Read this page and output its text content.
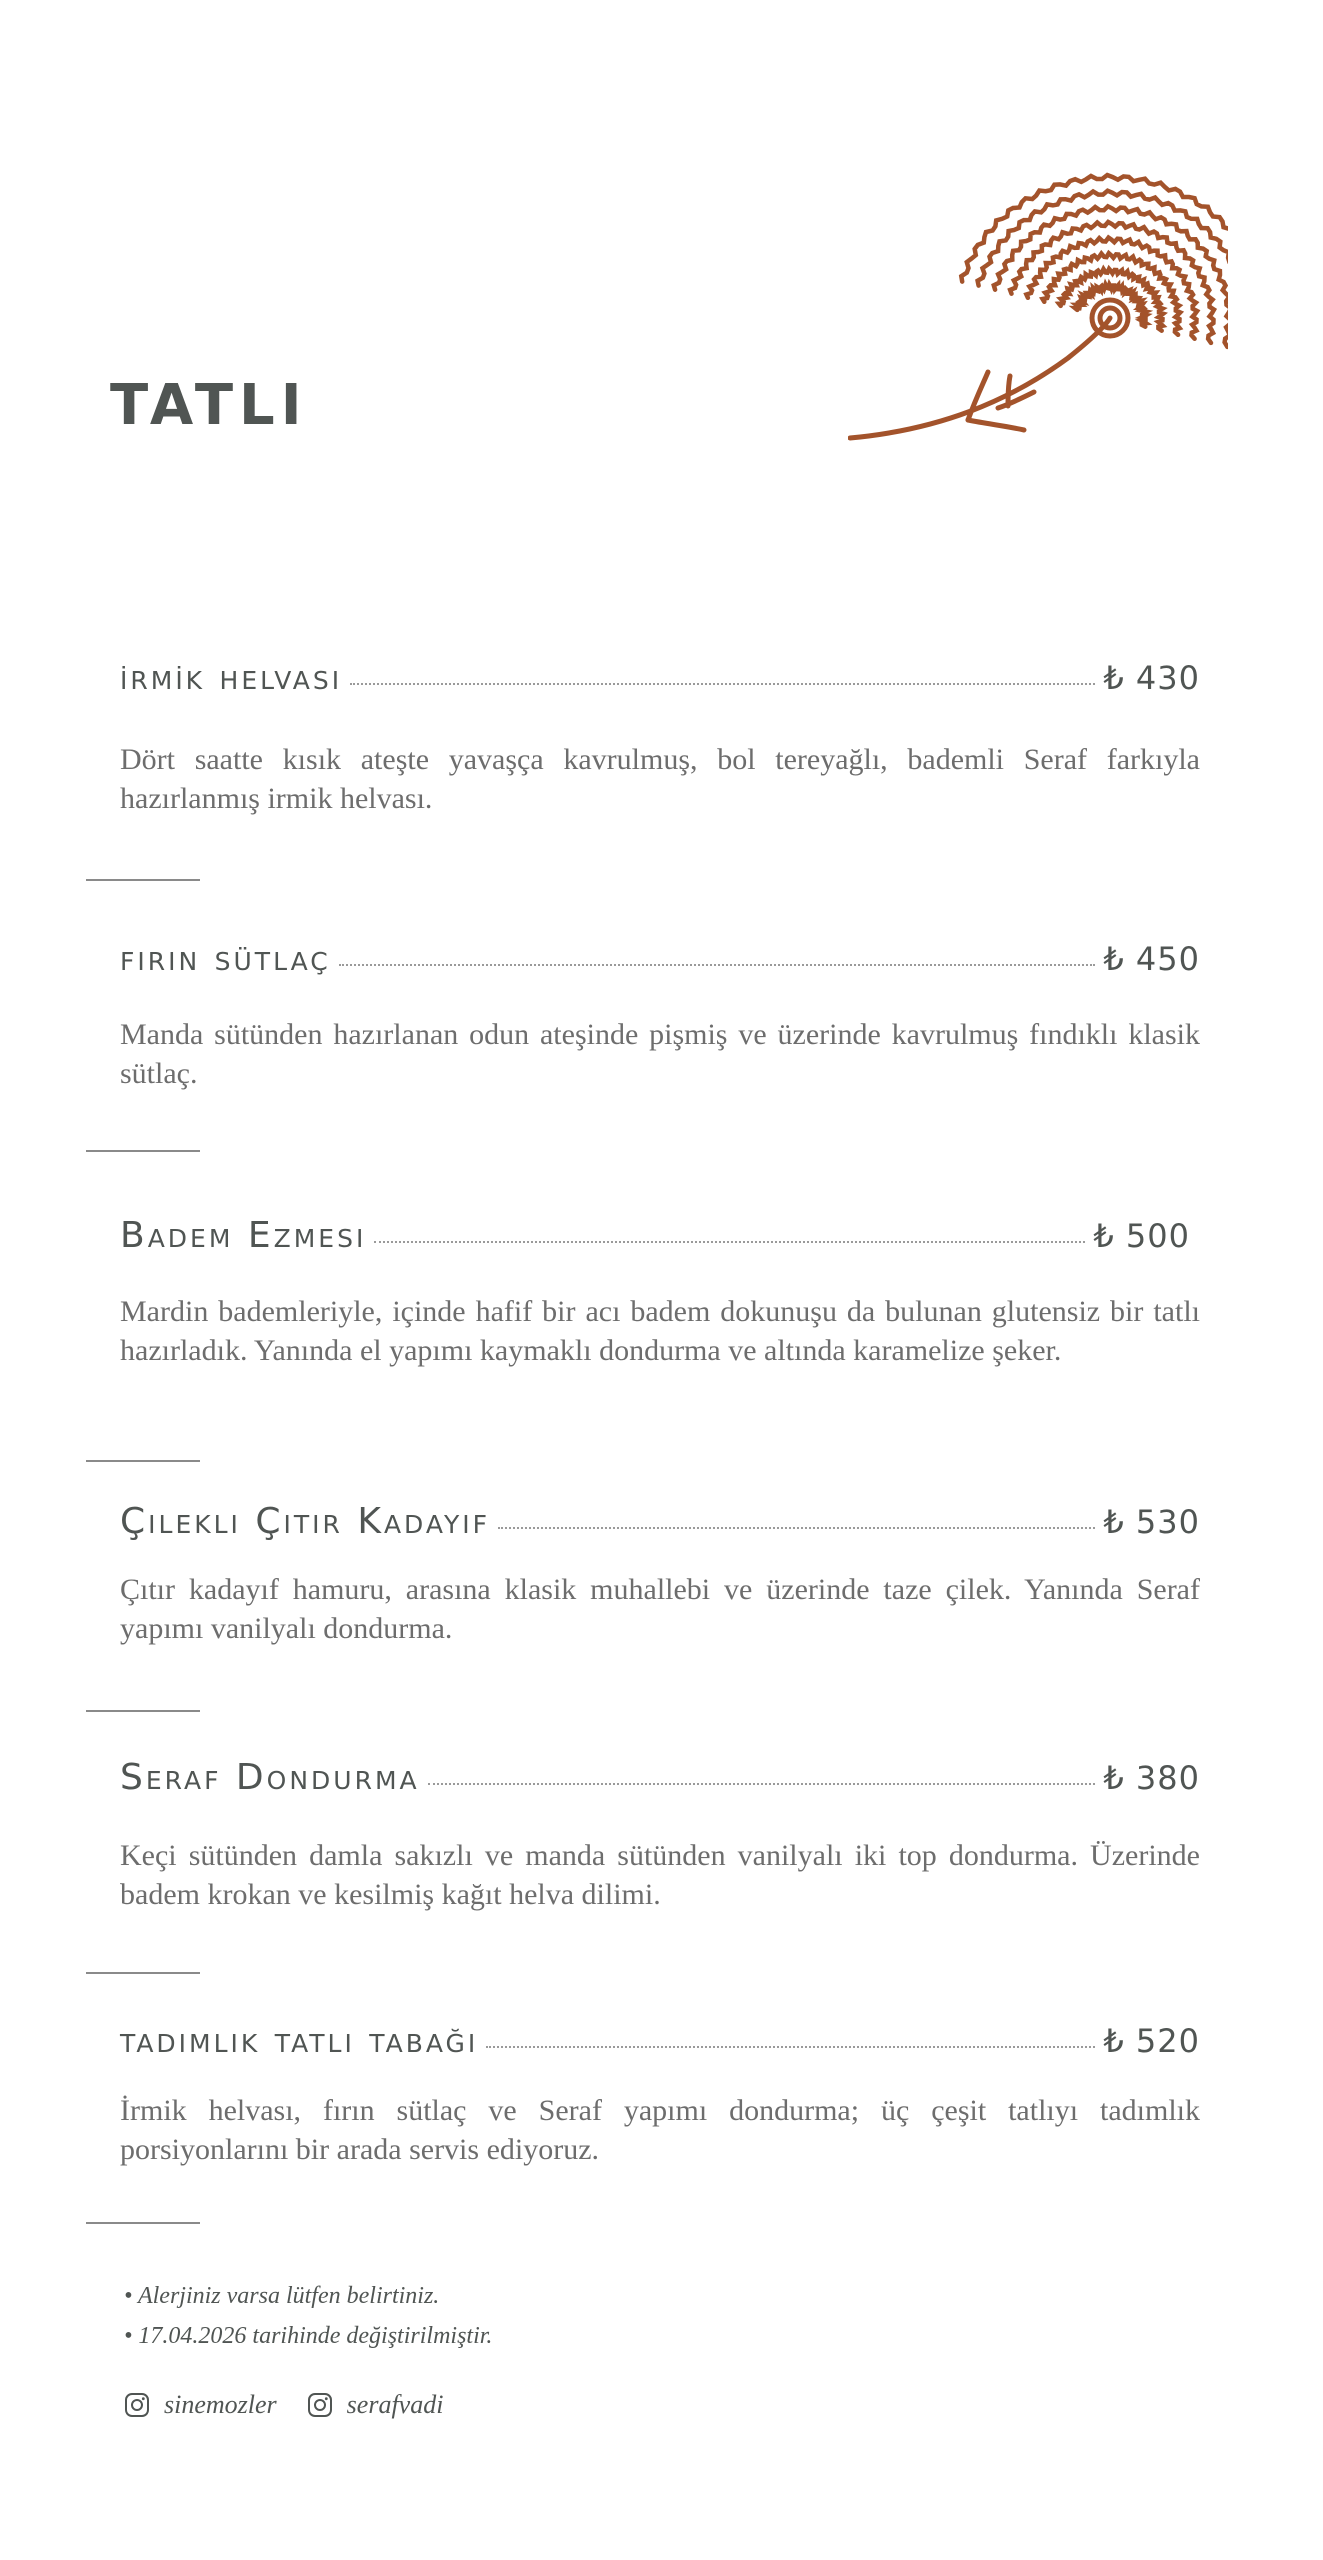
TATLI
i̇rmi̇k helvasi	₺ 430

Dört saatte kısık ateşte yavaşça kavrulmuş, bol tereyağlı, bademli Seraf farkıyla hazırlanmış irmik helvası.

firin sütlaç	₺ 450

Manda sütünden hazırlanan odun ateşinde pişmiş ve üzerinde kavrulmuş fındıklı klasik sütlaç.

Badem Ezmesi	₺ 500

Mardin bademleriyle, içinde hafif bir acı badem dokunuşu da bulunan glutensiz bir tatlı hazırladık. Yanında el yapımı kaymaklı dondurma ve altında karamelize şeker.

Çilekli Çıtır Kadayıf	₺ 530

Çıtır kadayıf hamuru, arasına klasik muhallebi ve üzerinde taze çilek. Yanında Seraf yapımı vanilyalı dondurma.

Seraf Dondurma	₺ 380

Keçi sütünden damla sakızlı ve manda sütünden vanilyalı iki top dondurma. Üzerinde badem krokan ve kesilmiş kağıt helva dilimi.

tadimlik tatli tabaği	₺ 520

İrmik helvası, fırın sütlaç ve Seraf yapımı dondurma; üç çeşit tatlıyı tadımlık porsiyonlarını bir arada servis ediyoruz.

• Alerjiniz varsa lütfen belirtiniz.
• 17.04.2026 tarihinde değiştirilmiştir.
sinemozler	serafvadi
